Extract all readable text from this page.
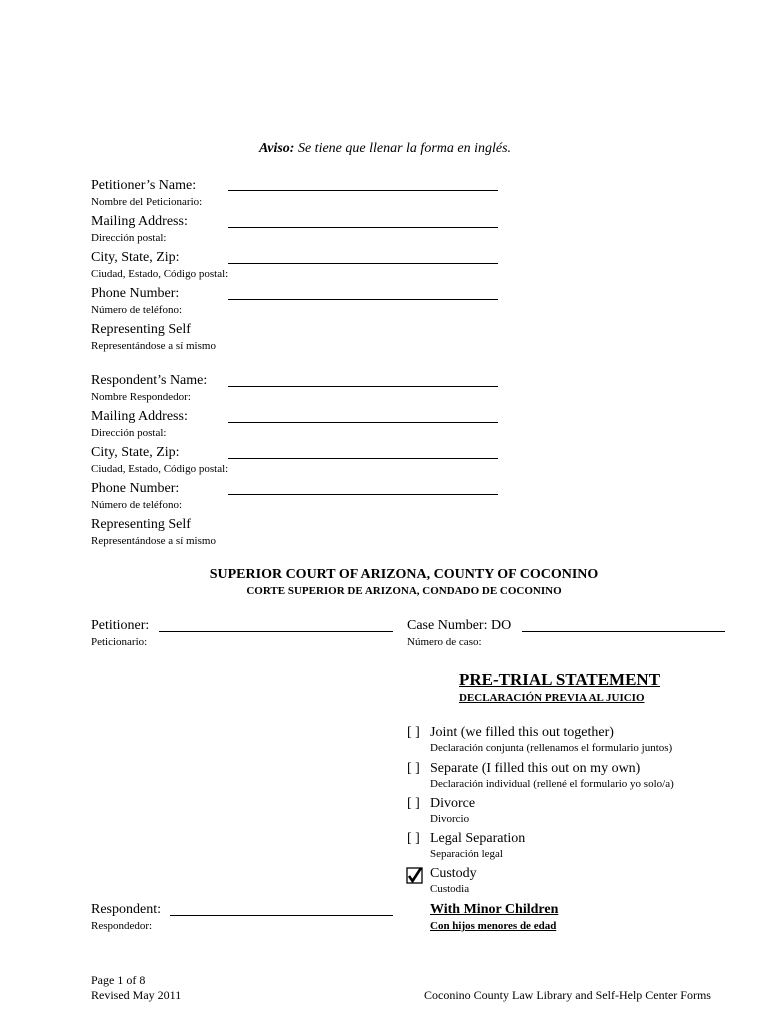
Aviso: Se tiene que llenar la forma en inglés.
Petitioner’s Name:
Nombre del Peticionario:
Mailing Address:
Dirección postal:
City, State, Zip:
Ciudad, Estado, Código postal:
Phone Number:
Número de teléfono:
Representing Self
Representándose a sí mismo
Respondent’s Name:
Nombre Respondedor:
Mailing Address:
Dirección postal:
City, State, Zip:
Ciudad, Estado, Código postal:
Phone Number:
Número de teléfono:
Representing Self
Representándose a sí mismo
SUPERIOR COURT OF ARIZONA, COUNTY OF COCONINO
CORTE SUPERIOR DE ARIZONA, CONDADO DE COCONINO
Petitioner:
Peticionario:
Case Number: DO
Número de caso:
PRE-TRIAL STATEMENT
DECLARACIÓN PREVIA AL JUICIO
[ ] Joint (we filled this out together)
Declaración conjunta (rellenamos el formulario juntos)
[ ] Separate (I filled this out on my own)
Declaración individual (rellené el formulario yo solo/a)
[ ] Divorce
Divorcio
[ ] Legal Separation
Separación legal
Custody
Custodia
Respondent:
Respondedor:
With Minor Children
Con hijos menores de edad
Page 1 of 8
Revised May 2011	Coconino County Law Library and Self-Help Center Forms
